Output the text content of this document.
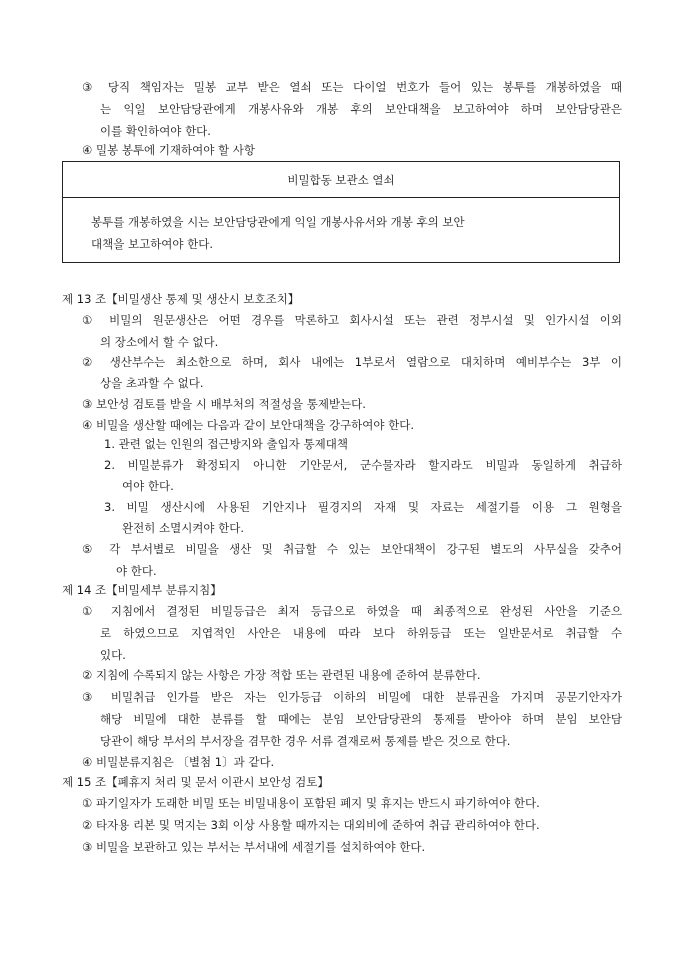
③ 당직 책임자는 밀봉 교부 받은 열쇠 또는 다이얼 번호가 들어 있는 봉투를 개봉하였을 때
는 익일 보안담당관에게 개봉사유와 개봉 후의 보안대책을 보고하여야 하며 보안담당관은
이를 확인하여야 한다.
④ 밀봉 봉투에 기재하여야 할 사항
비밀합동 보관소 열쇠
봉투를 개봉하였을 시는 보안담당관에게 익일 개봉사유서와 개봉 후의 보안
대책을 보고하여야 한다.
제 13 조【비밀생산 통제 및 생산시 보호조치】
① 비밀의 원문생산은 어떤 경우를 막론하고 회사시설 또는 관련 정부시설 및 인가시설 이외
의 장소에서 할 수 없다.
② 생산부수는 최소한으로 하며, 회사 내에는 1부로서 열람으로 대치하며 예비부수는 3부 이
상을 초과할 수 없다.
③ 보안성 검토를 받을 시 배부처의 적절성을 통제받는다.
④ 비밀을 생산할 때에는 다음과 같이 보안대책을 강구하여야 한다.
1. 관련 없는 인원의 접근방지와 출입자 통제대책
2. 비밀분류가 확정되지 아니한 기안문서, 군수물자라 할지라도 비밀과 동일하게 취급하
여야 한다.
3. 비밀 생산시에 사용된 기안지나 필경지의 자재 및 자료는 세절기를 이용 그 원형을
완전히 소멸시켜야 한다.
⑤ 각 부서별로 비밀을 생산 및 취급할 수 있는 보안대책이 강구된 별도의 사무실을 갖추어
야 한다.
제 14 조【비밀세부 분류지침】
① 지침에서 결정된 비밀등급은 최저 등급으로 하였을 때 최종적으로 완성된 사안을 기준으
로 하였으므로 지엽적인 사안은 내용에 따라 보다 하위등급 또는 일반문서로 취급할 수
있다.
② 지침에 수록되지 않는 사항은 가장 적합 또는 관련된 내용에 준하여 분류한다.
③ 비밀취급 인가를 받은 자는 인가등급 이하의 비밀에 대한 분류권을 가지며 공문기안자가
해당 비밀에 대한 분류를 할 때에는 분임 보안담당관의 통제를 받아야 하며 분임 보안담
당관이 해당 부서의 부서장을 겸무한 경우 서류 결재로써 통제를 받은 것으로 한다.
④ 비밀분류지침은 〔별첨 1〕과 같다.
제 15 조【폐휴지 처리 및 문서 이관시 보안성 검토】
① 파기일자가 도래한 비밀 또는 비밀내용이 포함된 폐지 및 휴지는 반드시 파기하여야 한다.
② 타자용 리본 및 먹지는 3회 이상 사용할 때까지는 대외비에 준하여 취급 관리하여야 한다.
③ 비밀을 보관하고 있는 부서는 부서내에 세절기를 설치하여야 한다.
